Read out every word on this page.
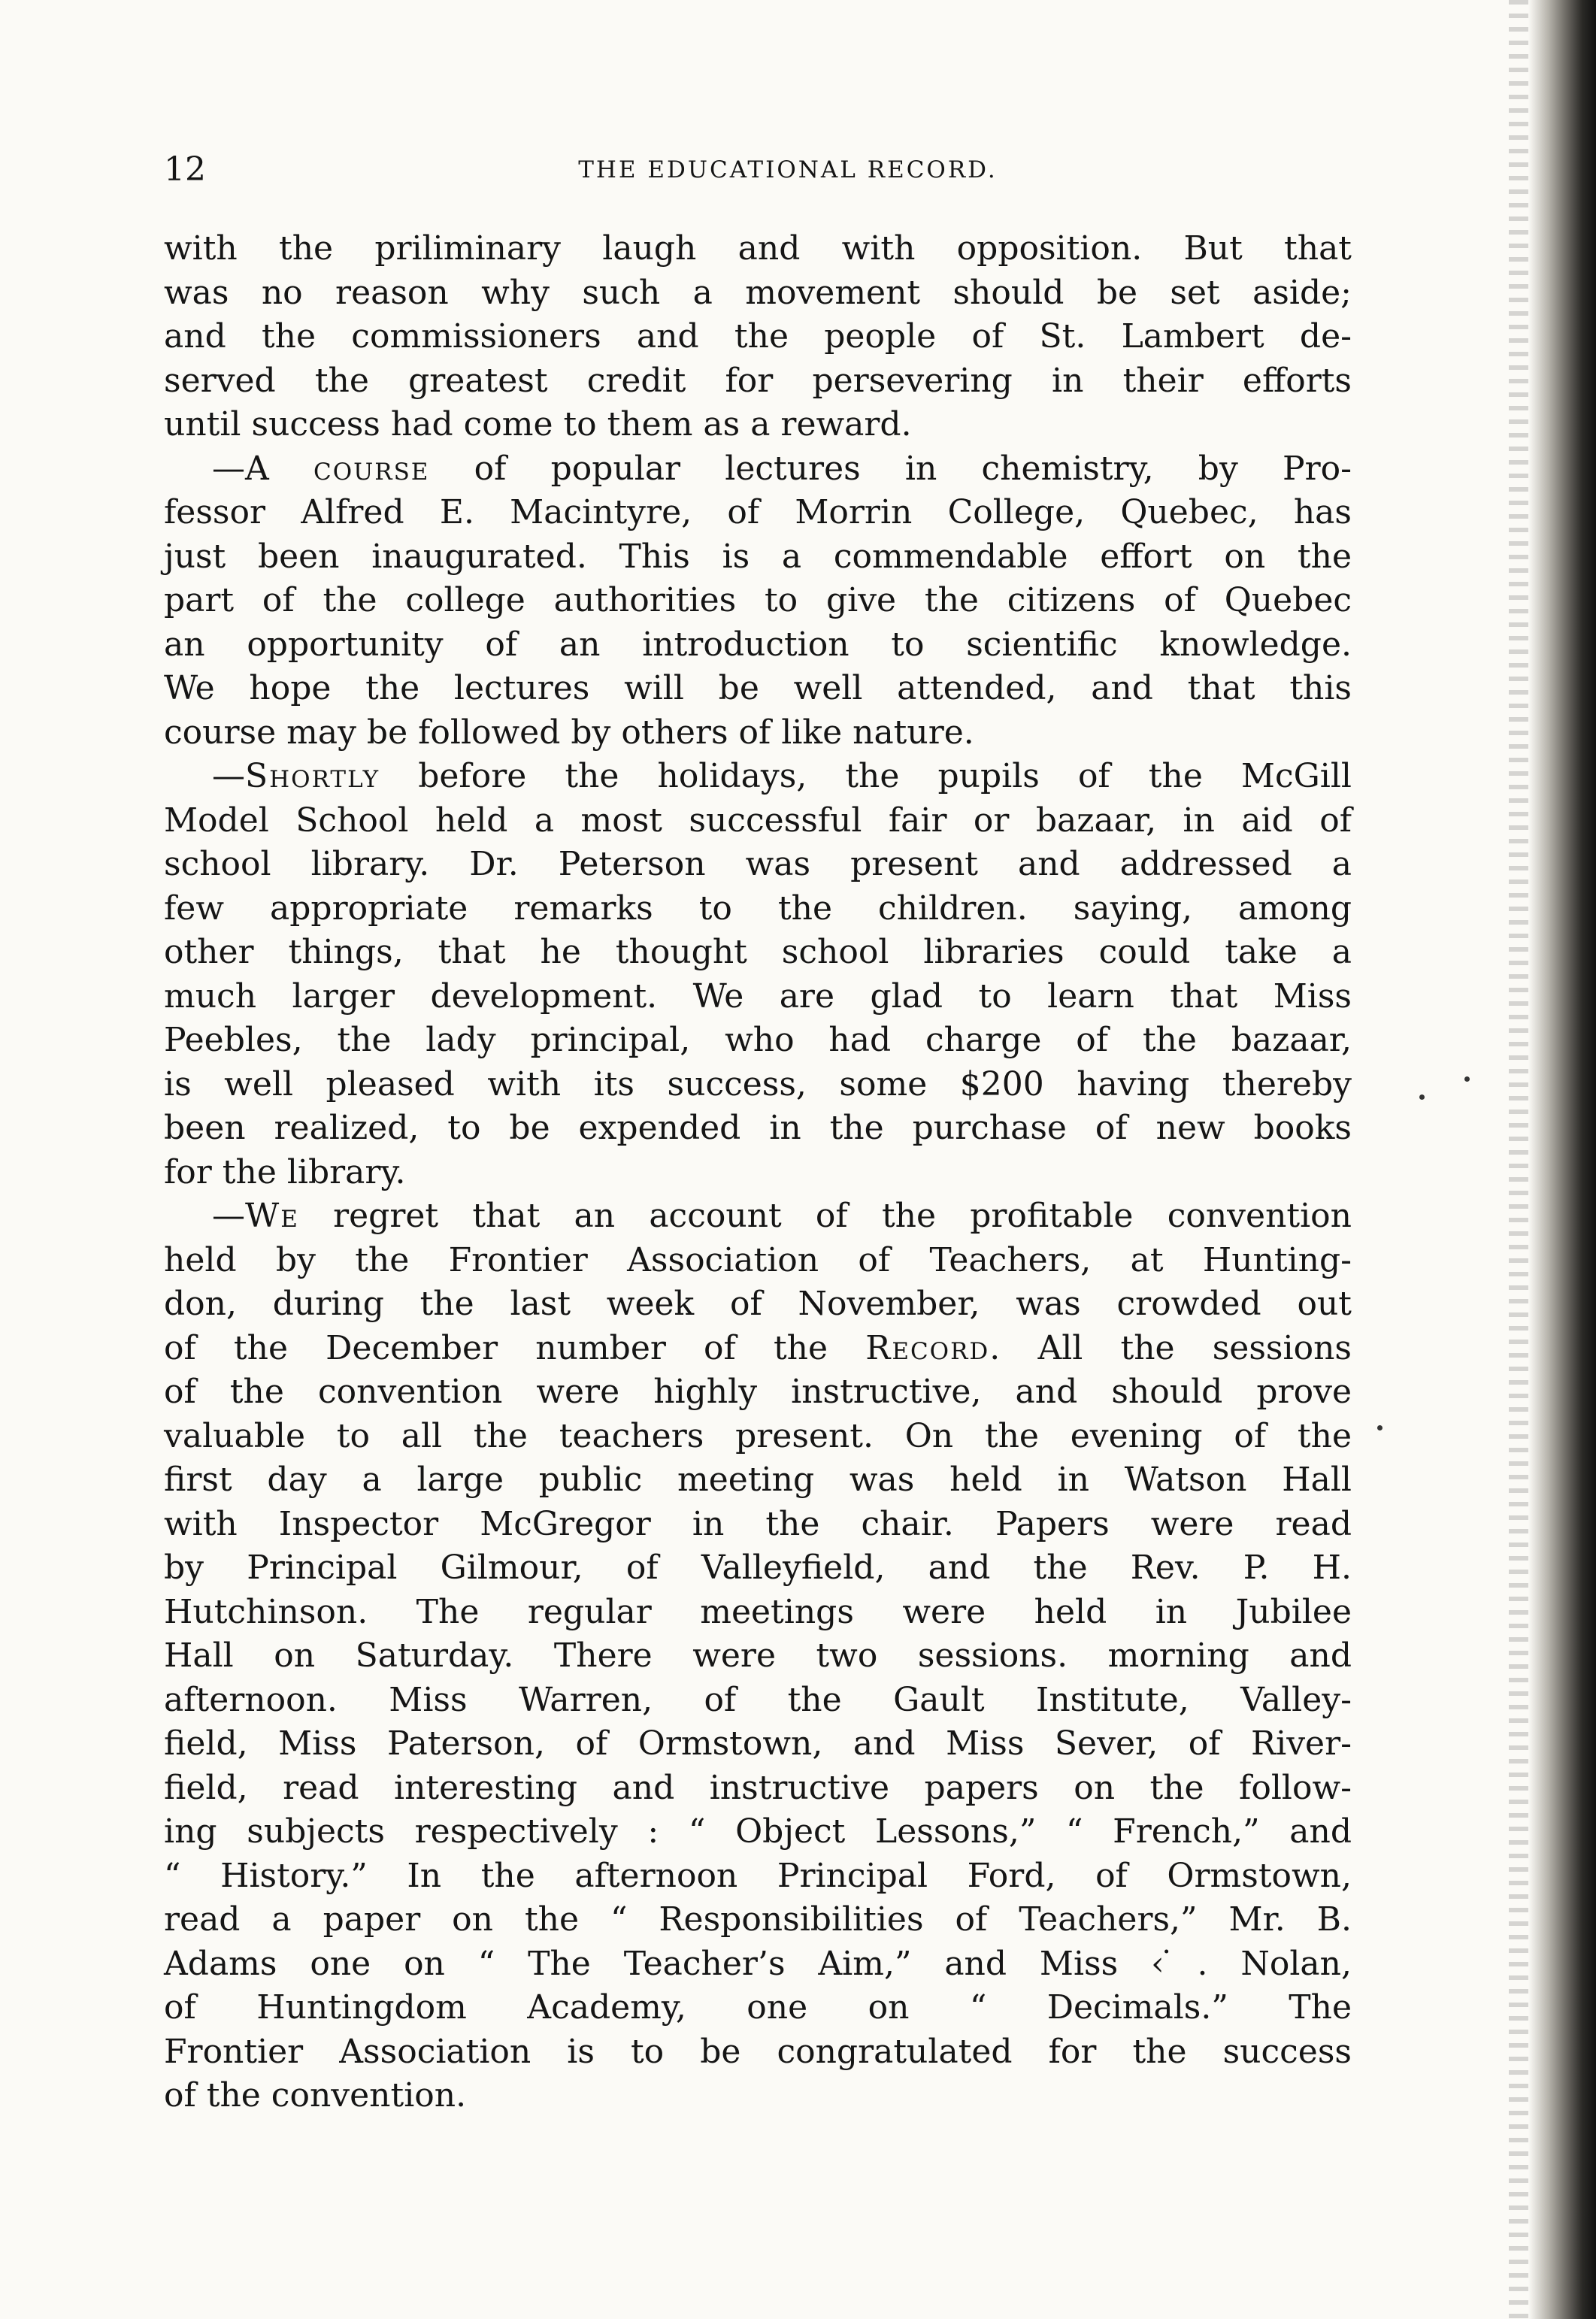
12	THE EDUCATIONAL RECORD.

with the priliminary laugh and with opposition. But that
was no reason why such a movement should be set aside;
and the commissioners and the people of St. Lambert de-
served the greatest credit for persevering in their efforts
until success had come to them as a reward.

—A course of popular lectures in chemistry, by Pro-
fessor Alfred E. Macintyre, of Morrin College, Quebec, has
just been inaugurated. This is a commendable effort on the
part of the college authorities to give the citizens of Quebec
an opportunity of an introduction to scientific knowledge.
We hope the lectures will be well attended, and that this
course may be followed by others of like nature.

—Shortly before the holidays, the pupils of the McGill
Model School held a most successful fair or bazaar, in aid of
school library. Dr. Peterson was present and addressed a
few appropriate remarks to the children. saying, among
other things, that he thought school libraries could take a
much larger development. We are glad to learn that Miss
Peebles, the lady principal, who had charge of the bazaar,
is well pleased with its success, some $200 having thereby
been realized, to be expended in the purchase of new books
for the library.

—We regret that an account of the profitable convention
held by the Frontier Association of Teachers, at Hunting-
don, during the last week of November, was crowded out
of the December number of the Record. All the sessions
of the convention were highly instructive, and should prove
valuable to all the teachers present. On the evening of the
first day a large public meeting was held in Watson Hall
with Inspector McGregor in the chair. Papers were read
by Principal Gilmour, of Valleyfield, and the Rev. P. H.
Hutchinson. The regular meetings were held in Jubilee
Hall on Saturday. There were two sessions. morning and
afternoon. Miss Warren, of the Gault Institute, Valley-
field, Miss Paterson, of Ormstown, and Miss Sever, of River-
field, read interesting and instructive papers on the follow-
ing subjects respectively : “ Object Lessons,” “ French,” and
“ History.” In the afternoon Principal Ford, of Ormstown,
read a paper on the “ Responsibilities of Teachers,” Mr. B.
Adams one on “ The Teacher’s Aim,” and Miss ‹ ̇. Nolan,
of Huntingdom Academy, one on “ Decimals.” The
Frontier Association is to be congratulated for the success
of the convention.
